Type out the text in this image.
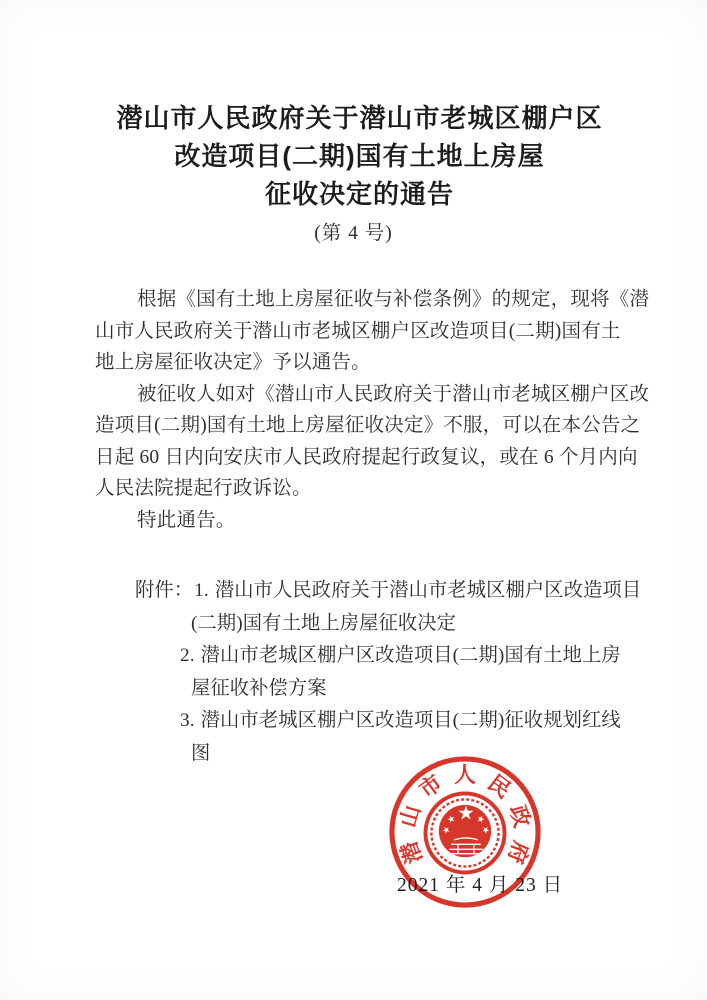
潜山市人民政府关于潜山市老城区棚户区
改造项目(二期)国有土地上房屋
征收决定的通告
(第 4 号)
根据《国有土地上房屋征收与补偿条例》的规定，现将《潜
山市人民政府关于潜山市老城区棚户区改造项目(二期)国有土
地上房屋征收决定》予以通告。
被征收人如对《潜山市人民政府关于潜山市老城区棚户区改
造项目(二期)国有土地上房屋征收决定》不服，可以在本公告之
日起 60 日内向安庆市人民政府提起行政复议，或在 6 个月内向
人民法院提起行政诉讼。
特此通告。
附件：1. 潜山市人民政府关于潜山市老城区棚户区改造项目
(二期)国有土地上房屋征收决定
2. 潜山市老城区棚户区改造项目(二期)国有土地上房
屋征收补偿方案
3. 潜山市老城区棚户区改造项目(二期)征收规划红线
图
2021 年 4 月 23 日
潜
山
市 人 民
政
府
